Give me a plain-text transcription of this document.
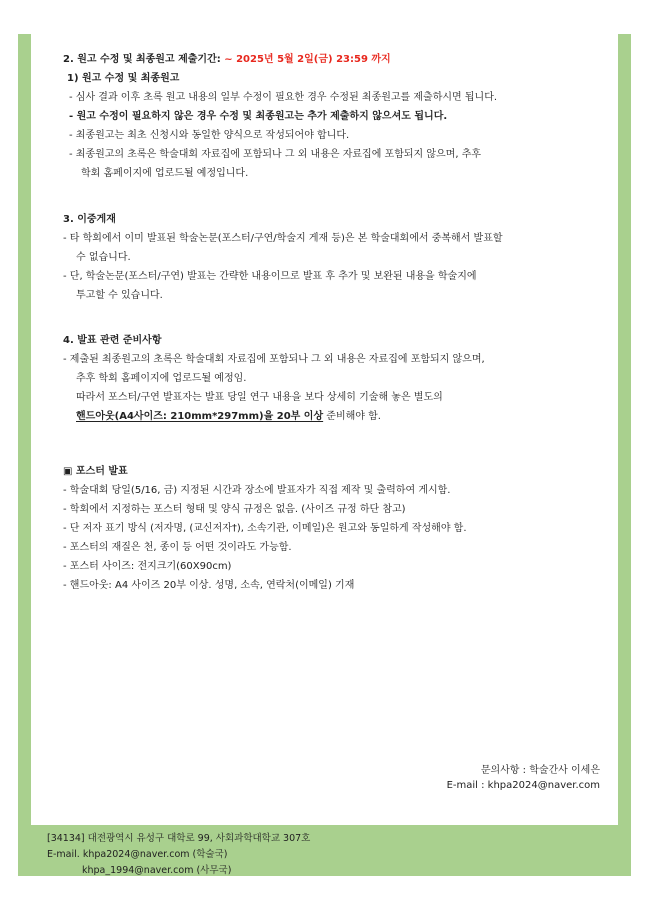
2. 원고 수정 및 최종원고 제출기간: ~ 2025년 5월 2일(금) 23:59 까지
1) 원고 수정 및 최종원고
- 심사 결과 이후 초록 원고 내용의 일부 수정이 필요한 경우 수정된 최종원고를 제출하시면 됩니다.
- 원고 수정이 필요하지 않은 경우 수정 및 최종원고는 추가 제출하지 않으셔도 됩니다.
- 최종원고는 최초 신청시와 동일한 양식으로 작성되어야 합니다.
- 최종원고의 초록은 학술대회 자료집에 포함되나 그 외 내용은 자료집에 포함되지 않으며, 추후
학회 홈페이지에 업로드될 예정입니다.
3. 이중게재
- 타 학회에서 이미 발표된 학술논문(포스터/구연/학술지 게재 등)은 본 학술대회에서 중복해서 발표할
수 없습니다.
- 단, 학술논문(포스터/구연) 발표는 간략한 내용이므로 발표 후 추가 및 보완된 내용을 학술지에
투고할 수 있습니다.
4. 발표 관련 준비사항
- 제출된 최종원고의 초록은 학술대회 자료집에 포함되나 그 외 내용은 자료집에 포함되지 않으며,
추후 학회 홈페이지에 업로드될 예정임.
따라서 포스터/구연 발표자는 발표 당일 연구 내용을 보다 상세히 기술해 놓은 별도의
핸드아웃(A4사이즈: 210mm*297mm)을 20부 이상 준비해야 함.
▣ 포스터 발표
- 학술대회 당일(5/16, 금) 지정된 시간과 장소에 발표자가 직접 제작 및 출력하여 게시함.
- 학회에서 지정하는 포스터 형태 및 양식 규정은 없음. (사이즈 규정 하단 참고)
- 단 저자 표기 방식 (저자명, (교신저자†), 소속기관, 이메일)은 원고와 동일하게 작성해야 함.
- 포스터의 재질은 천, 종이 등 어떤 것이라도 가능함.
- 포스터 사이즈: 전지크기(60X90cm)
- 핸드아웃: A4 사이즈 20부 이상. 성명, 소속, 연락처(이메일) 기재
문의사항 : 학술간사 이세은
E-mail : khpa2024@naver.com
[34134] 대전광역시 유성구 대학로 99, 사회과학대학교 307호
E-mail. khpa2024@naver.com (학술국)
khpa_1994@naver.com (사무국)
